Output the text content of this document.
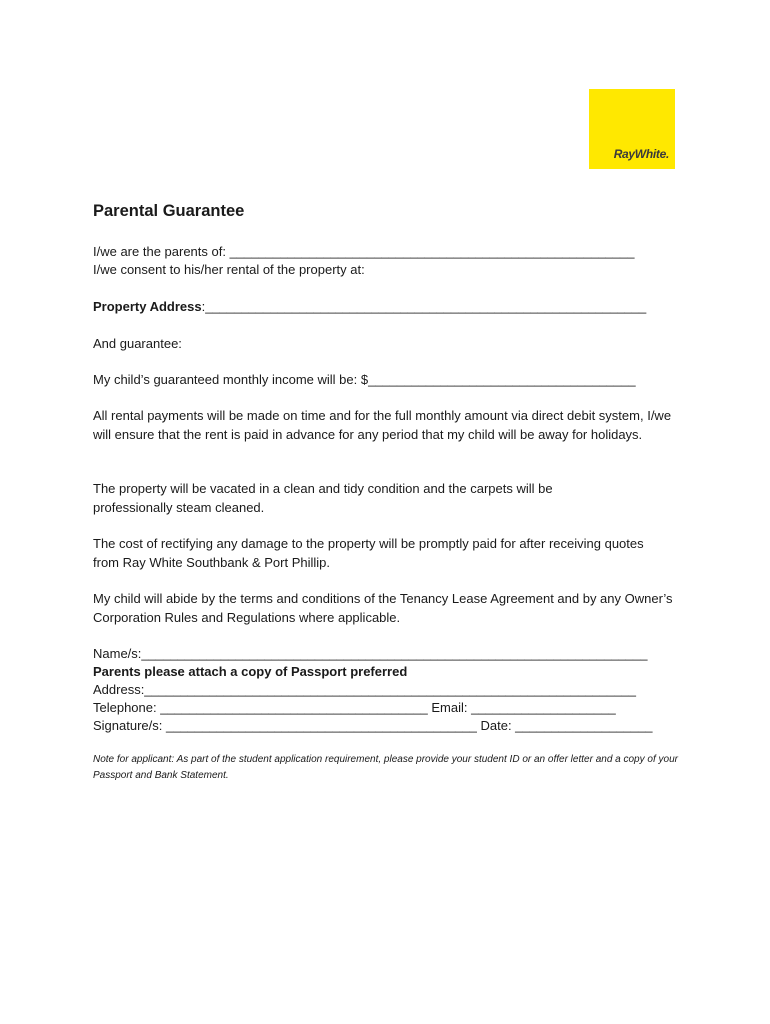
RayWhite.
Parental Guarantee

I/we are the parents of: ________________________________________________________

I/we consent to his/her rental of the property at:

Property Address:_____________________________________________________________

And guarantee:

My child’s guaranteed monthly income will be: $_____________________________________

All rental payments will be made on time and for the full monthly amount via direct debit system, I/we will ensure that the rent is paid in advance for any period that my child will be away for holidays.

The property will be vacated in a clean and tidy condition and the carpets will be professionally steam cleaned.

The cost of rectifying any damage to the property will be promptly paid for after receiving quotes from Ray White Southbank & Port Phillip.

My child will abide by the terms and conditions of the Tenancy Lease Agreement and by any Owner’s Corporation Rules and Regulations where applicable.

Name/s:______________________________________________________________________

Parents please attach a copy of Passport preferred

Address:____________________________________________________________________

Telephone: _____________________________________ Email: ____________________

Signature/s: ___________________________________________ Date: ___________________

Note for applicant: As part of the student application requirement, please provide your student ID or an offer letter and a copy of your Passport and Bank Statement.
